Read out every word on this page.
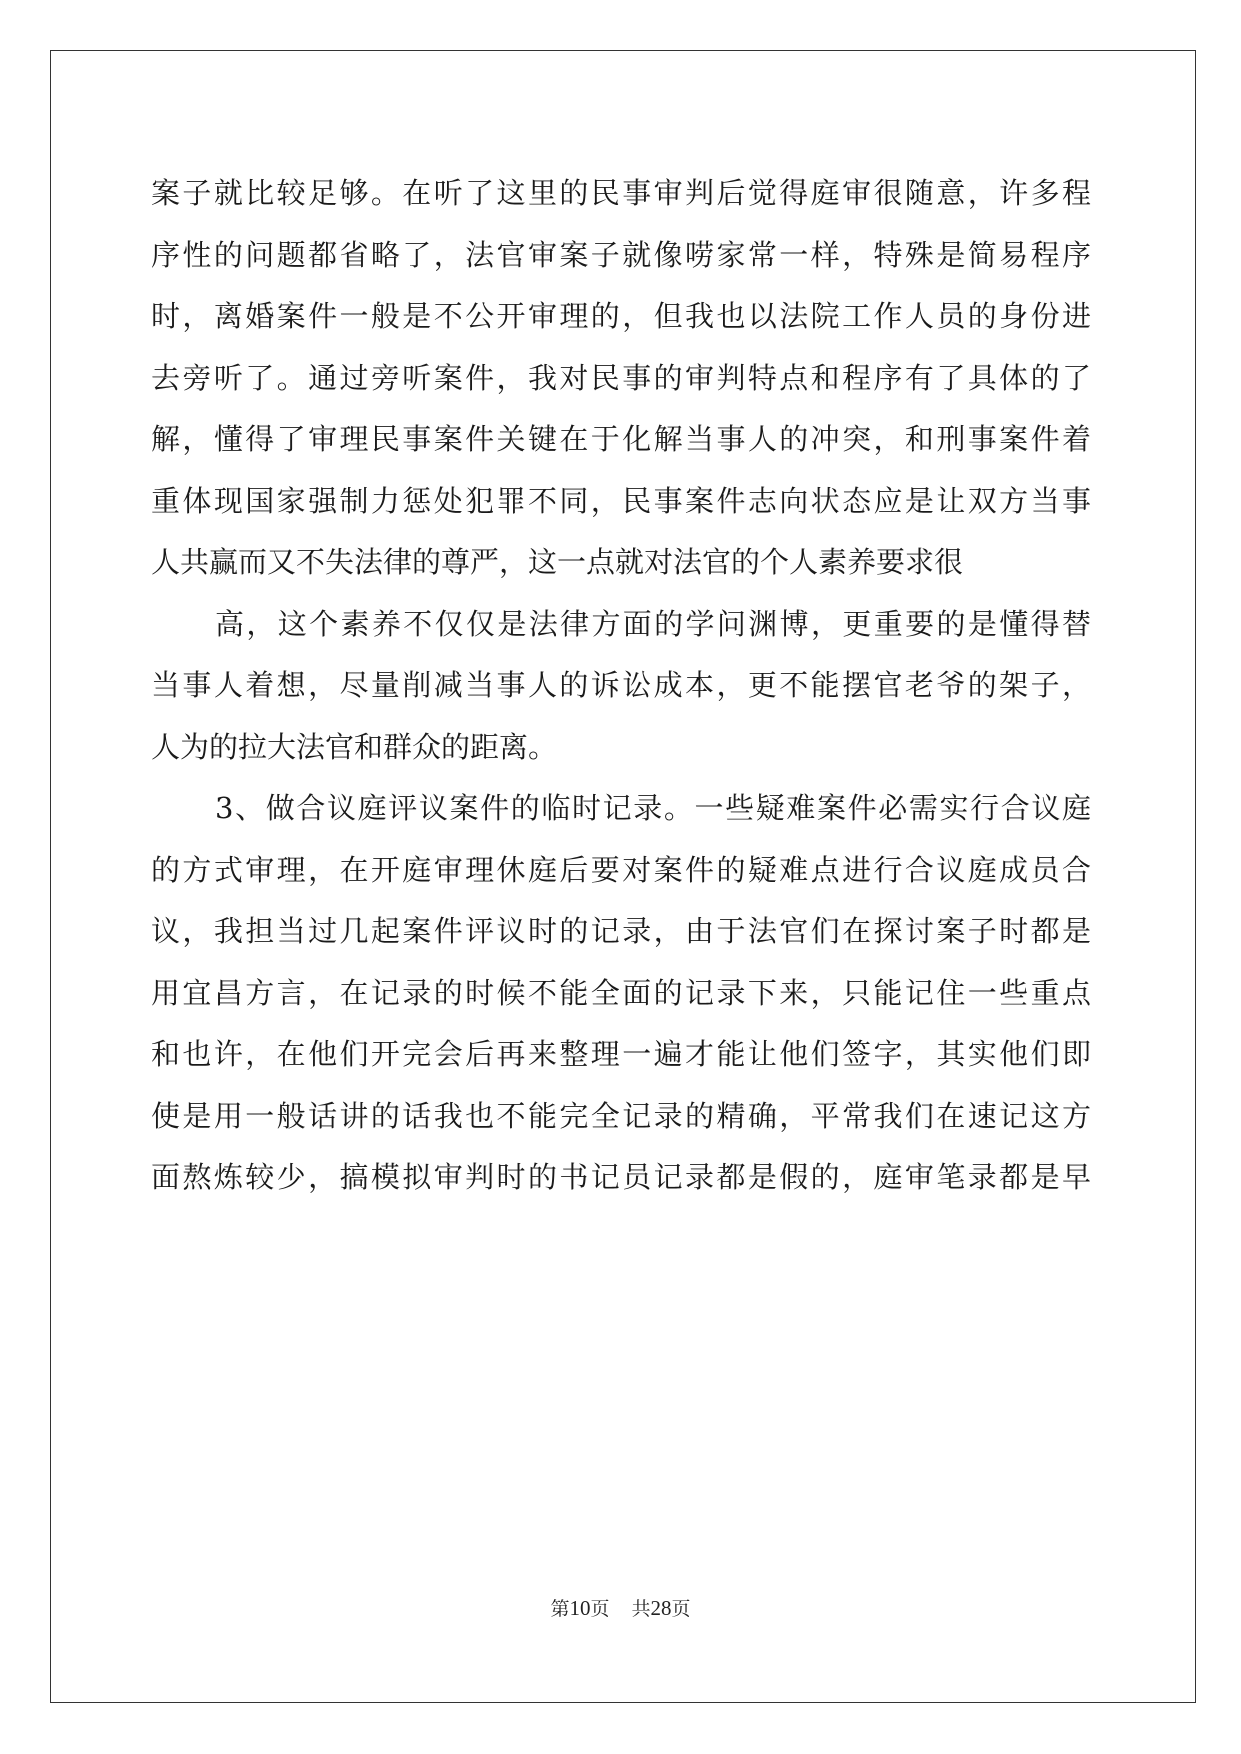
案子就比较足够。在听了这里的民事审判后觉得庭审很随意，许多程
序性的问题都省略了，法官审案子就像唠家常一样，特殊是简易程序
时，离婚案件一般是不公开审理的，但我也以法院工作人员的身份进
去旁听了。通过旁听案件，我对民事的审判特点和程序有了具体的了
解，懂得了审理民事案件关键在于化解当事人的冲突，和刑事案件着
重体现国家强制力惩处犯罪不同，民事案件志向状态应是让双方当事
人共赢而又不失法律的尊严，这一点就对法官的个人素养要求很
高，这个素养不仅仅是法律方面的学问渊博，更重要的是懂得替
当事人着想，尽量削减当事人的诉讼成本，更不能摆官老爷的架子，
人为的拉大法官和群众的距离。
3、做合议庭评议案件的临时记录。一些疑难案件必需实行合议庭
的方式审理，在开庭审理休庭后要对案件的疑难点进行合议庭成员合
议，我担当过几起案件评议时的记录，由于法官们在探讨案子时都是
用宜昌方言，在记录的时候不能全面的记录下来，只能记住一些重点
和也许，在他们开完会后再来整理一遍才能让他们签字，其实他们即
使是用一般话讲的话我也不能完全记录的精确，平常我们在速记这方
面熬炼较少，搞模拟审判时的书记员记录都是假的，庭审笔录都是早
第10页 共28页
